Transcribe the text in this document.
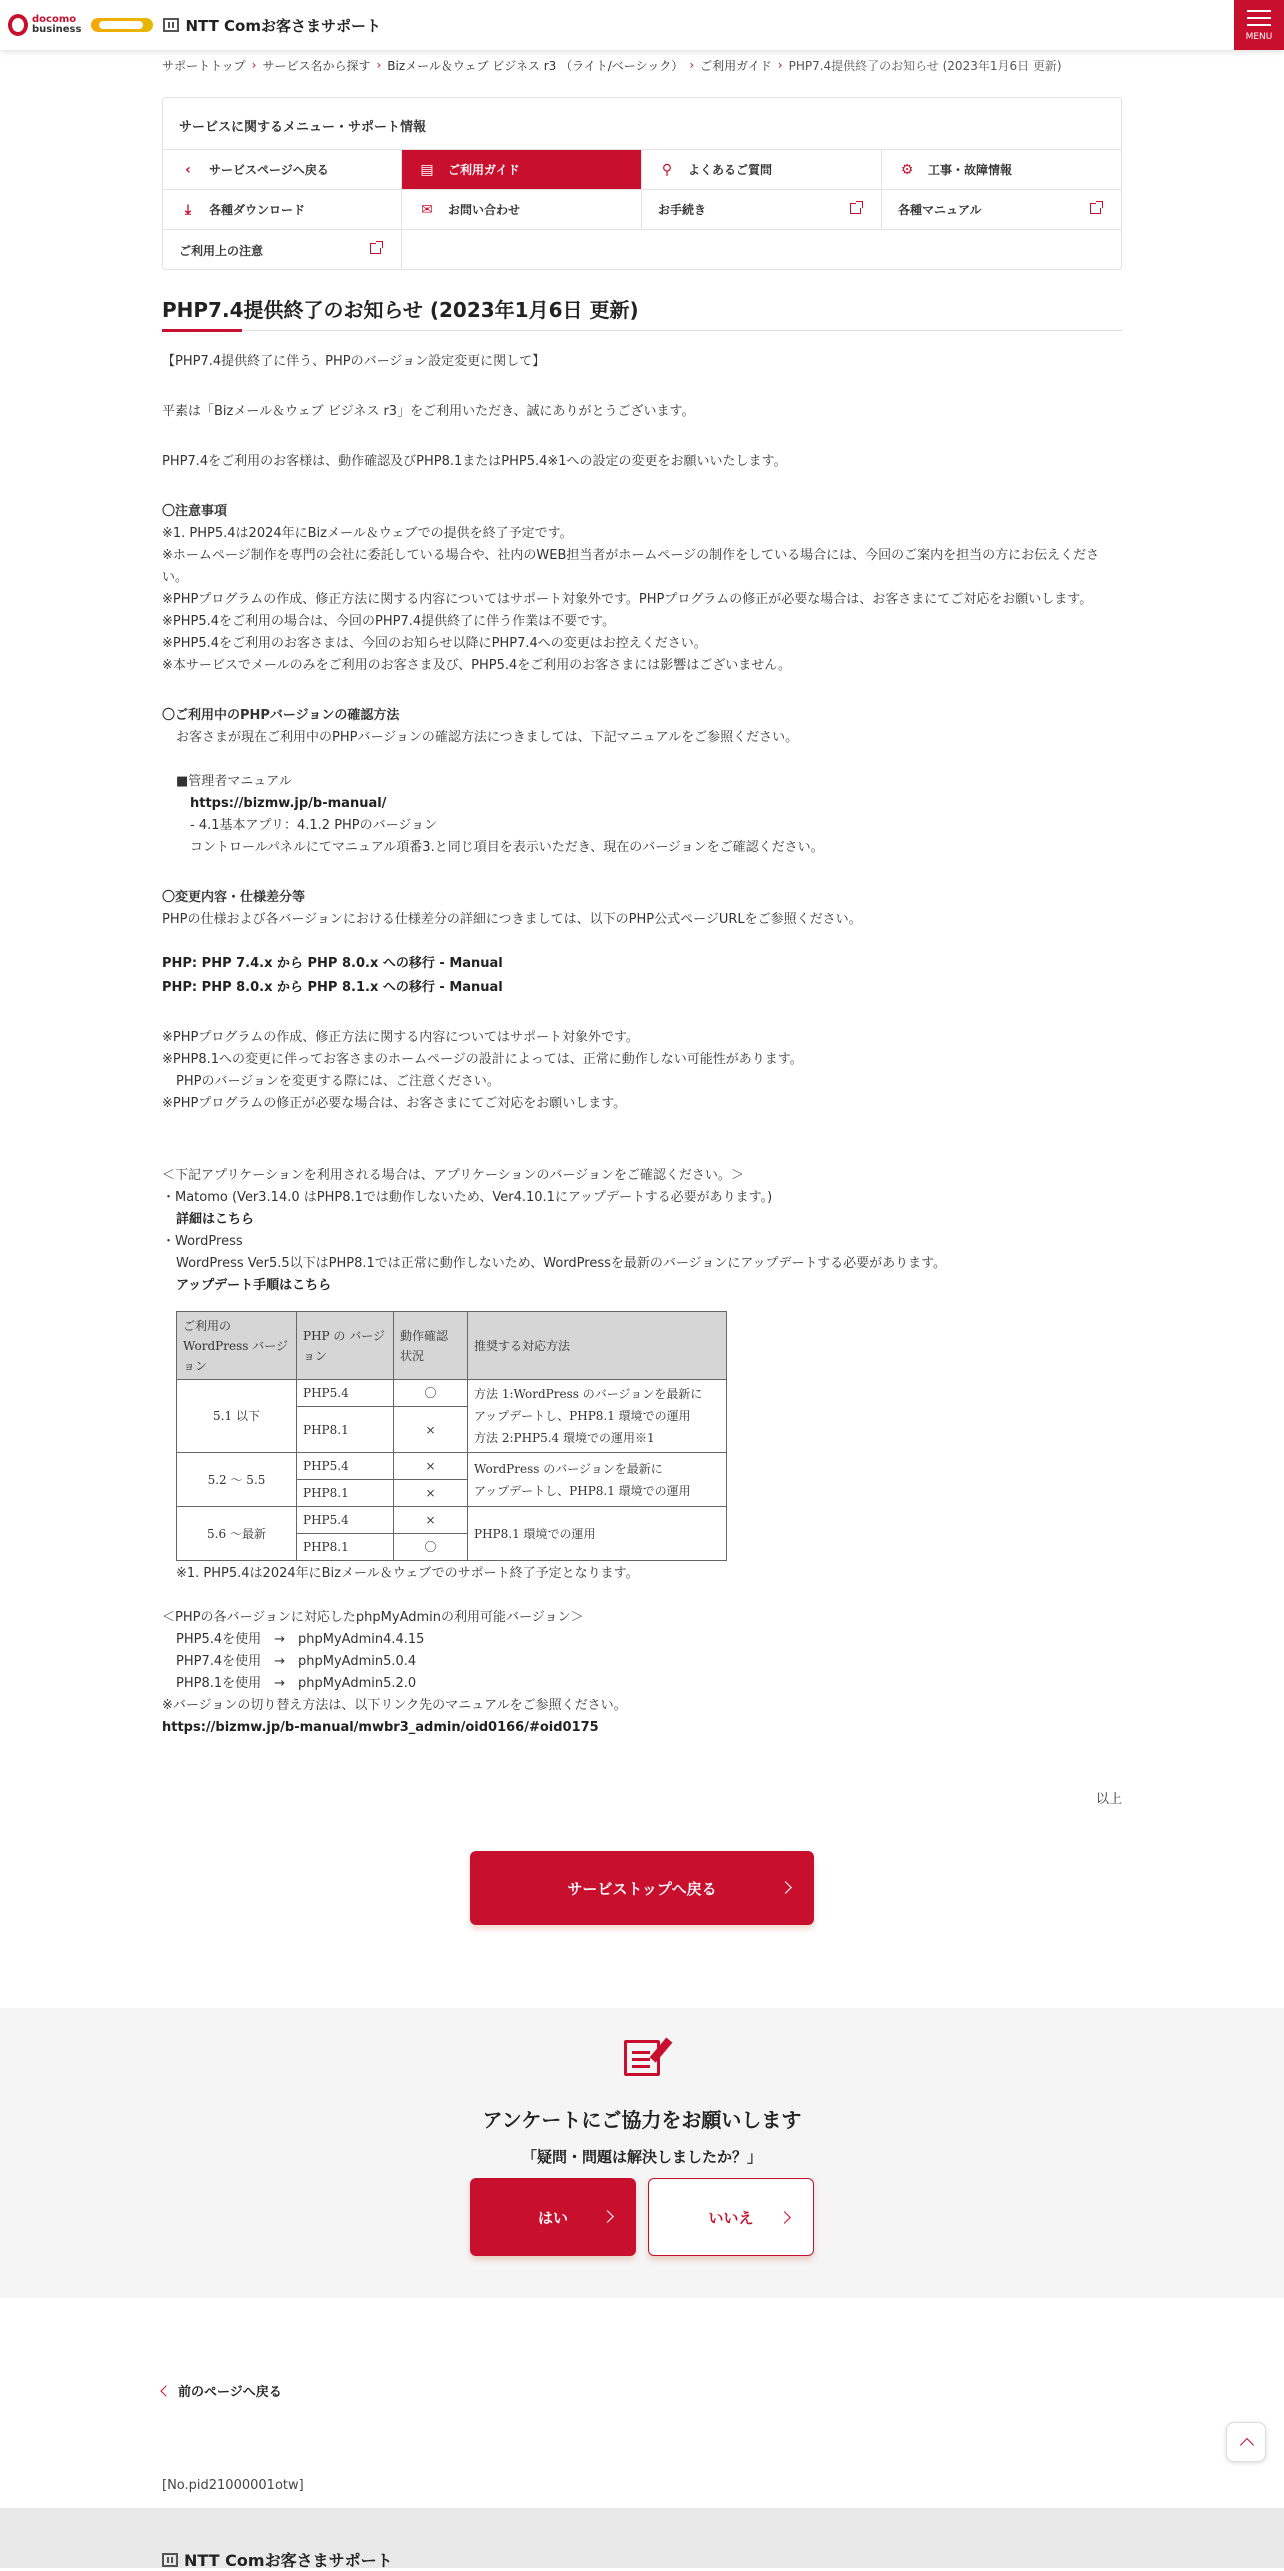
docomo
business	NTT Comお客さまサポート
MENU
サポートトップ › サービス名から探す › Bizメール＆ウェブ ビジネス r3 （ライト/ベーシック） › ご利用ガイド › PHP7.4提供終了のお知らせ (2023年1月6日 更新)
サービスに関するメニュー・サポート情報
‹	サービスページへ戻る	▤ ご利用ガイド	⚲	よくあるご質問	⚙ 工事・故障情報
⤓	各種ダウンロード	✉ お問い合わせ	お手続き	各種マニュアル
ご利用上の注意
PHP7.4提供終了のお知らせ (2023年1月6日 更新)

【PHP7.4提供終了に伴う、PHPのバージョン設定変更に関して】

平素は「Bizメール＆ウェブ ビジネス r3」をご利用いただき、誠にありがとうございます。

PHP7.4をご利用のお客様は、動作確認及びPHP8.1またはPHP5.4※1への設定の変更をお願いいたします。

〇注意事項

※1. PHP5.4は2024年にBizメール＆ウェブでの提供を終了予定です。

※ホームページ制作を専門の会社に委託している場合や、社内のWEB担当者がホームページの制作をしている場合には、今回のご案内を担当の方にお伝えください。

※PHPプログラムの作成、修正方法に関する内容についてはサポート対象外です。PHPプログラムの修正が必要な場合は、お客さまにてご対応をお願いします。

※PHP5.4をご利用の場合は、今回のPHP7.4提供終了に伴う作業は不要です。

※PHP5.4をご利用のお客さまは、今回のお知らせ以降にPHP7.4への変更はお控えください。

※本サービスでメールのみをご利用のお客さま及び、PHP5.4をご利用のお客さまには影響はございません。

〇ご利用中のPHPバージョンの確認方法

お客さまが現在ご利用中のPHPバージョンの確認方法につきましては、下記マニュアルをご参照ください。

■管理者マニュアル

https://bizmw.jp/b-manual/

- 4.1基本アプリ：4.1.2 PHPのバージョン

コントロールパネルにてマニュアル項番3.と同じ項目を表示いただき、現在のバージョンをご確認ください。

〇変更内容・仕様差分等

PHPの仕様および各バージョンにおける仕様差分の詳細につきましては、以下のPHP公式ページURLをご参照ください。

PHP: PHP 7.4.x から PHP 8.0.x への移行 - Manual

PHP: PHP 8.0.x から PHP 8.1.x への移行 - Manual

※PHPプログラムの作成、修正方法に関する内容についてはサポート対象外です。

※PHP8.1への変更に伴ってお客さまのホームページの設計によっては、正常に動作しない可能性があります。

PHPのバージョンを変更する際には、ご注意ください。

※PHPプログラムの修正が必要な場合は、お客さまにてご対応をお願いします。

＜下記アプリケーションを利用される場合は、アプリケーションのバージョンをご確認ください。＞

・Matomo (Ver3.14.0 はPHP8.1では動作しないため、Ver4.10.1にアップデートする必要があります。)

詳細はこちら

・WordPress

WordPress Ver5.5以下はPHP8.1では正常に動作しないため、WordPressを最新のバージョンにアップデートする必要があります。

アップデート手順はこちら

ご利用の WordPress バージョン	PHP の バージョン	動作確認 状況	推奨する対応方法
5.1 以下	PHP5.4	〇	方法 1:WordPress のバージョンを最新に
アップデートし、PHP8.1 環境での運用
方法 2:PHP5.4 環境での運用※1

	PHP8.1	×	
5.2 ～ 5.5	PHP5.4	×	WordPress のバージョンを最新に
アップデートし、PHP8.1 環境での運用

	PHP8.1	×	
5.6 ～最新	PHP5.4	×	PHP8.1 環境での運用
	PHP8.1	〇	

※1. PHP5.4は2024年にBizメール＆ウェブでのサポート終了予定となります。

＜PHPの各バージョンに対応したphpMyAdminの利用可能バージョン＞

PHP5.4を使用　→　phpMyAdmin4.4.15

PHP7.4を使用　→　phpMyAdmin5.0.4

PHP8.1を使用　→　phpMyAdmin5.2.0

※バージョンの切り替え方法は、以下リンク先のマニュアルをご参照ください。

https://bizmw.jp/b-manual/mwbr3_admin/oid0166/#oid0175

以上
サービストップへ戻る
アンケートにご協力をお願いします
「疑問・問題は解決しましたか？」
はい	いいえ
前のページへ戻る
[No.pid21000001otw]
NTT Comお客さまサポート
